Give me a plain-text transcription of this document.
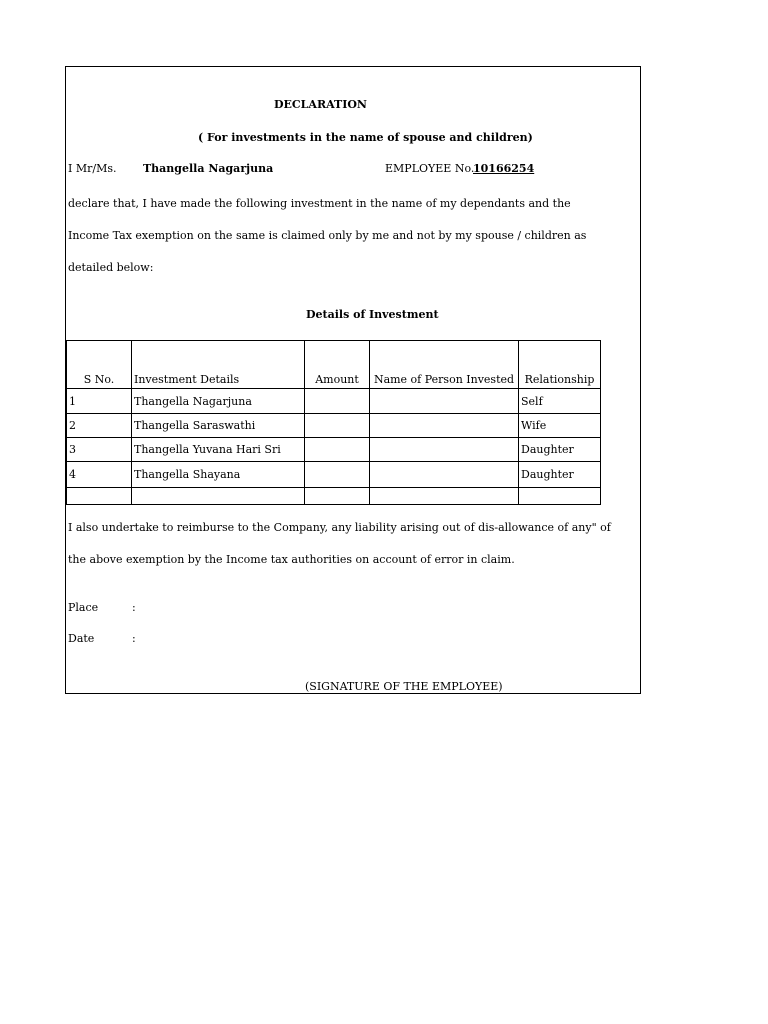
DECLARATION
( For investments in the name of spouse and children)
I Mr/Ms. Thangella Nagarjuna	EMPLOYEE No.
10166254
declare that, I have made the following investment in the name of my dependants and the
Income Tax exemption on the same is claimed only by me and not by my spouse / children as
detailed below:
Details of Investment
S No.	Investment Details	Amount	Name of Person Invested	Relationship
1	Thangella Nagarjuna			Self
2	Thangella Saraswathi			Wife
3	Thangella Yuvana Hari Sri			Daughter
4	Thangella Shayana			Daughter

I also undertake to reimburse to the Company, any liability arising out of dis-allowance of any" of
the above exemption by the Income tax authorities on account of error in claim.
Place	:
Date	:
(SIGNATURE OF THE EMPLOYEE)
